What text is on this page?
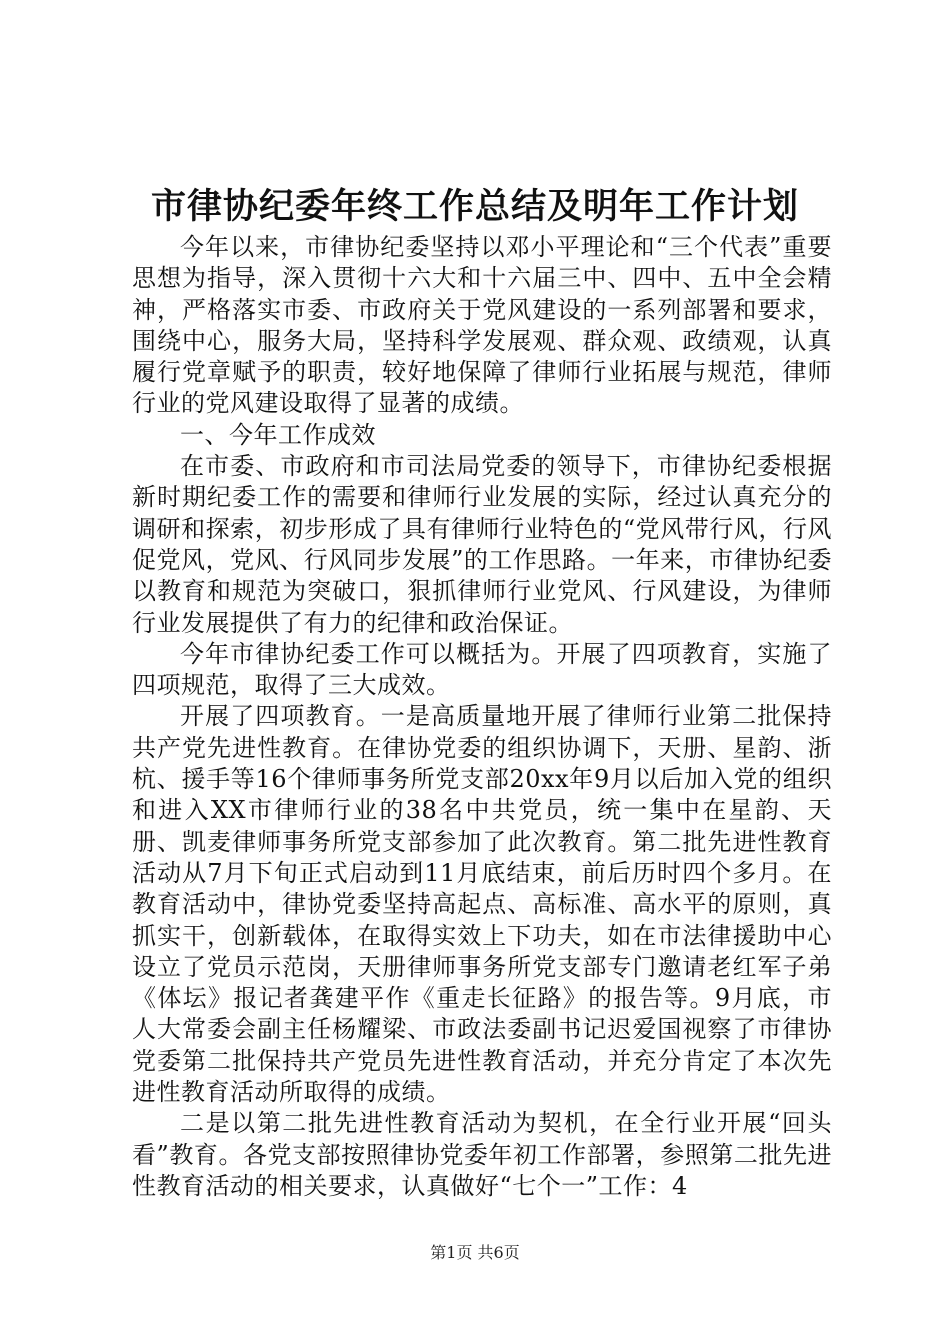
市律协纪委年终工作总结及明年工作计划

今年以来，市律协纪委坚持以邓小平理论和“三个代表”重要思想为指导，深入贯彻十六大和十六届三中、四中、五中全会精神，严格落实市委、市政府关于党风建设的一系列部署和要求，围绕中心，服务大局，坚持科学发展观、群众观、政绩观，认真履行党章赋予的职责，较好地保障了律师行业拓展与规范，律师行业的党风建设取得了显著的成绩。

一、今年工作成效

在市委、市政府和市司法局党委的领导下，市律协纪委根据新时期纪委工作的需要和律师行业发展的实际，经过认真充分的调研和探索，初步形成了具有律师行业特色的“党风带行风，行风促党风，党风、行风同步发展”的工作思路。一年来，市律协纪委以教育和规范为突破口，狠抓律师行业党风、行风建设，为律师行业发展提供了有力的纪律和政治保证。

今年市律协纪委工作可以概括为。开展了四项教育，实施了四项规范，取得了三大成效。

开展了四项教育。一是高质量地开展了律师行业第二批保持共产党先进性教育。在律协党委的组织协调下，天册、星韵、浙杭、援手等16个律师事务所党支部20xx年9月以后加入党的组织和进入XX市律师行业的38名中共党员，统一集中在星韵、天册、凯麦律师事务所党支部参加了此次教育。第二批先进性教育活动从7月下旬正式启动到11月底结束，前后历时四个多月。在教育活动中，律协党委坚持高起点、高标准、高水平的原则，真抓实干，创新载体，在取得实效上下功夫，如在市法律援助中心设立了党员示范岗，天册律师事务所党支部专门邀请老红军子弟《体坛》报记者龚建平作《重走长征路》的报告等。9月底，市人大常委会副主任杨耀梁、市政法委副书记迟爱国视察了市律协党委第二批保持共产党员先进性教育活动，并充分肯定了本次先进性教育活动所取得的成绩。

二是以第二批先进性教育活动为契机，在全行业开展“回头看”教育。各党支部按照律协党委年初工作部署，参照第二批先进性教育活动的相关要求，认真做好“七个一”工作：4

第1页 共6页
